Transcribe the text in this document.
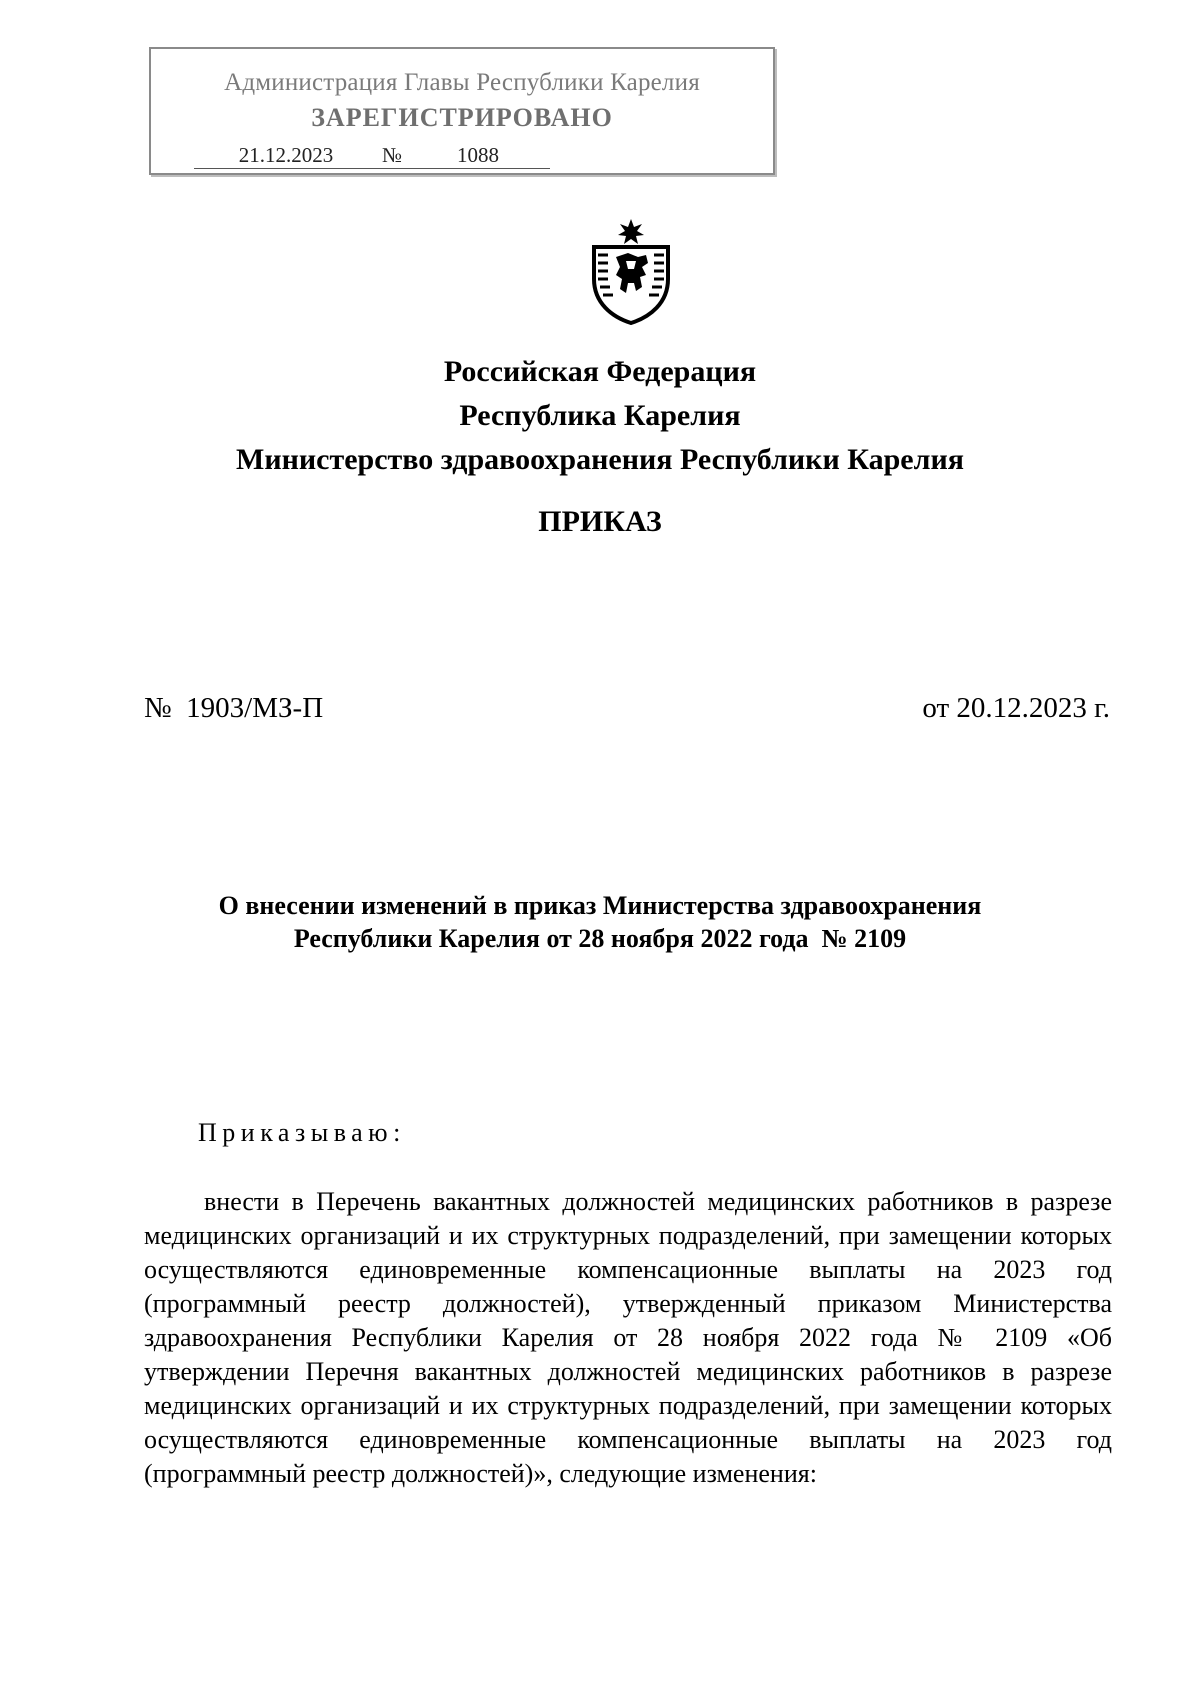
Администрация Главы Республики Карелия
ЗАРЕГИСТРИРОВАНО
21.12.2023	№	1088
Российская Федерация
Республика Карелия
Министерство здравоохранения Республики Карелия
ПРИКАЗ
№  1903/МЗ-П	от 20.12.2023 г.
О внесении изменений в приказ Министерства здравоохранения
Республики Карелия от 28 ноября 2022 года  № 2109
Приказываю:
внести в Перечень вакантных должностей медицинских работников в разрезе медицинских организаций и их структурных подразделений, при замещении которых осуществляются единовременные компенсационные выплаты на 2023 год (программный реестр должностей), утвержденный приказом Министерства здравоохранения Республики Карелия от 28 ноября 2022 года № 2109 «Об утверждении Перечня вакантных должностей медицинских работников в разрезе медицинских организаций и их структурных подразделений, при замещении которых осуществляются единовременные компенсационные выплаты на 2023 год (программный реестр должностей)», следующие изменения:
